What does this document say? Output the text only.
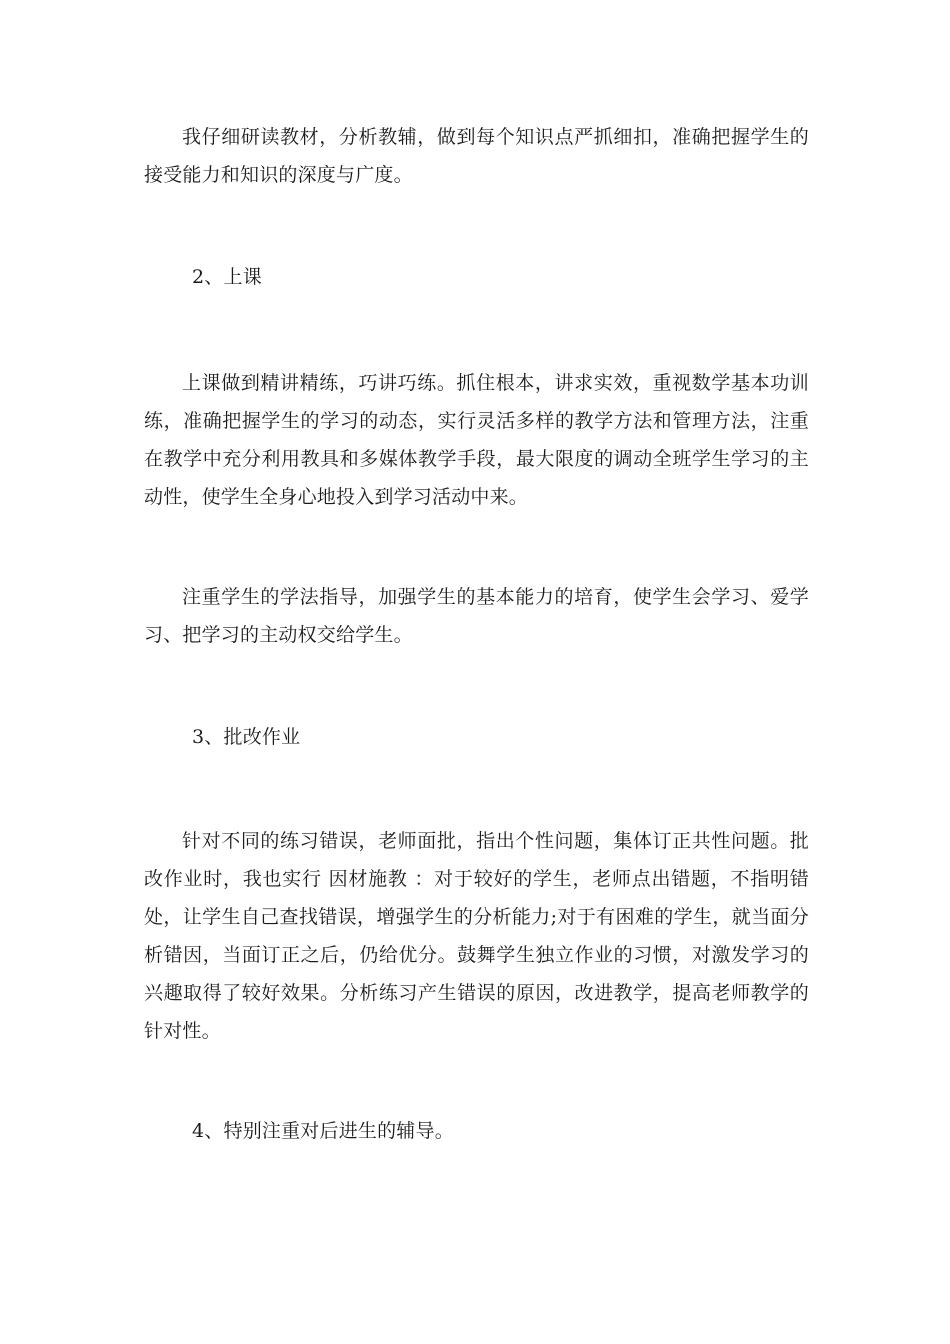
我仔细研读教材，分析教辅，做到每个知识点严抓细扣，准确把握学生的接受能力和知识的深度与广度。

2、上课

上课做到精讲精练，巧讲巧练。抓住根本，讲求实效，重视数学基本功训练，准确把握学生的学习的动态，实行灵活多样的教学方法和管理方法，注重在教学中充分利用教具和多媒体教学手段，最大限度的调动全班学生学习的主动性，使学生全身心地投入到学习活动中来。

注重学生的学法指导，加强学生的基本能力的培育，使学生会学习、爱学习、把学习的主动权交给学生。

3、批改作业

针对不同的练习错误，老师面批，指出个性问题，集体订正共性问题。批改作业时，我也实行 因材施教 ：对于较好的学生，老师点出错题，不指明错处，让学生自己查找错误，增强学生的分析能力;对于有困难的学生，就当面分析错因，当面订正之后，仍给优分。鼓舞学生独立作业的习惯，对激发学习的兴趣取得了较好效果。分析练习产生错误的原因，改进教学，提高老师教学的针对性。

4、特别注重对后进生的辅导。
